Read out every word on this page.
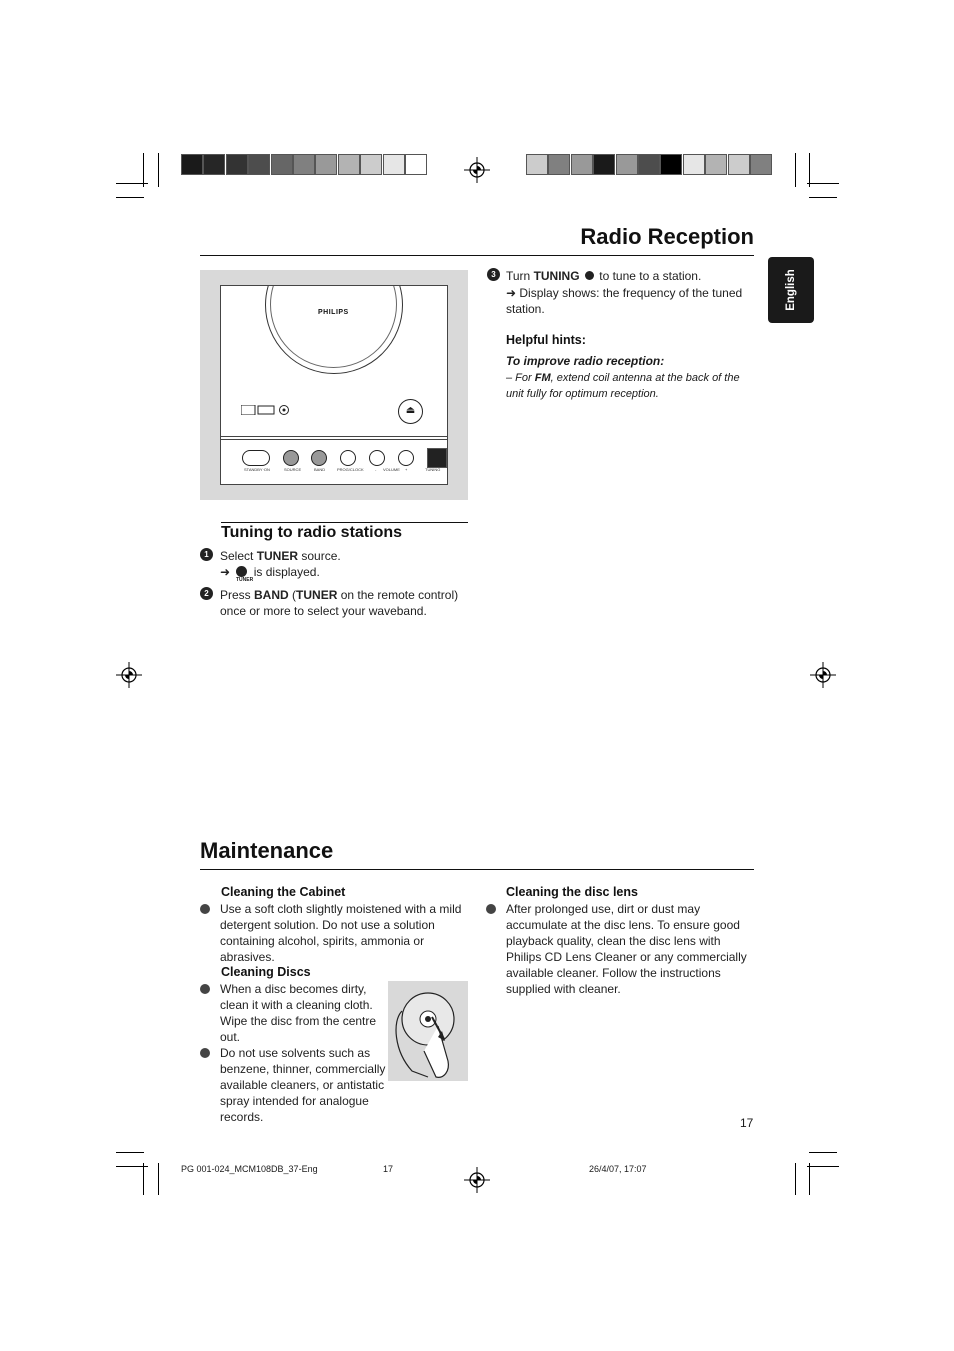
Radio Reception
English
PHILIPS
⏏
STANDBY·ON	SOURCE	BAND	PROG/CLOCK	- VOLUME +	TUNING
Tuning to radio stations
1 Select TUNER source.
➜ is displayed.
TUNER
2 Press BAND (TUNER on the remote control) once or more to select your waveband.
3 Turn TUNING  to tune to a station.
➜ Display shows: the frequency of the tuned station.
Helpful hints:
To improve radio reception:
– For FM, extend coil antenna at the back of the unit fully for optimum reception.
Maintenance
Cleaning the Cabinet
Use a soft cloth slightly moistened with a mild detergent solution. Do not use a solution containing alcohol, spirits, ammonia or abrasives.
Cleaning Discs
When a disc becomes dirty, clean it with a cleaning cloth. Wipe the disc from the centre out.
Do not use solvents such as benzene, thinner, commercially available cleaners, or antistatic spray intended for analogue records.
Cleaning the disc lens
After prolonged use, dirt or dust may accumulate at the disc lens. To ensure good playback quality, clean the disc lens with Philips CD Lens Cleaner or any commercially available cleaner. Follow the instructions supplied with cleaner.
17
PG 001-024_MCM108DB_37-Eng	17	26/4/07, 17:07
